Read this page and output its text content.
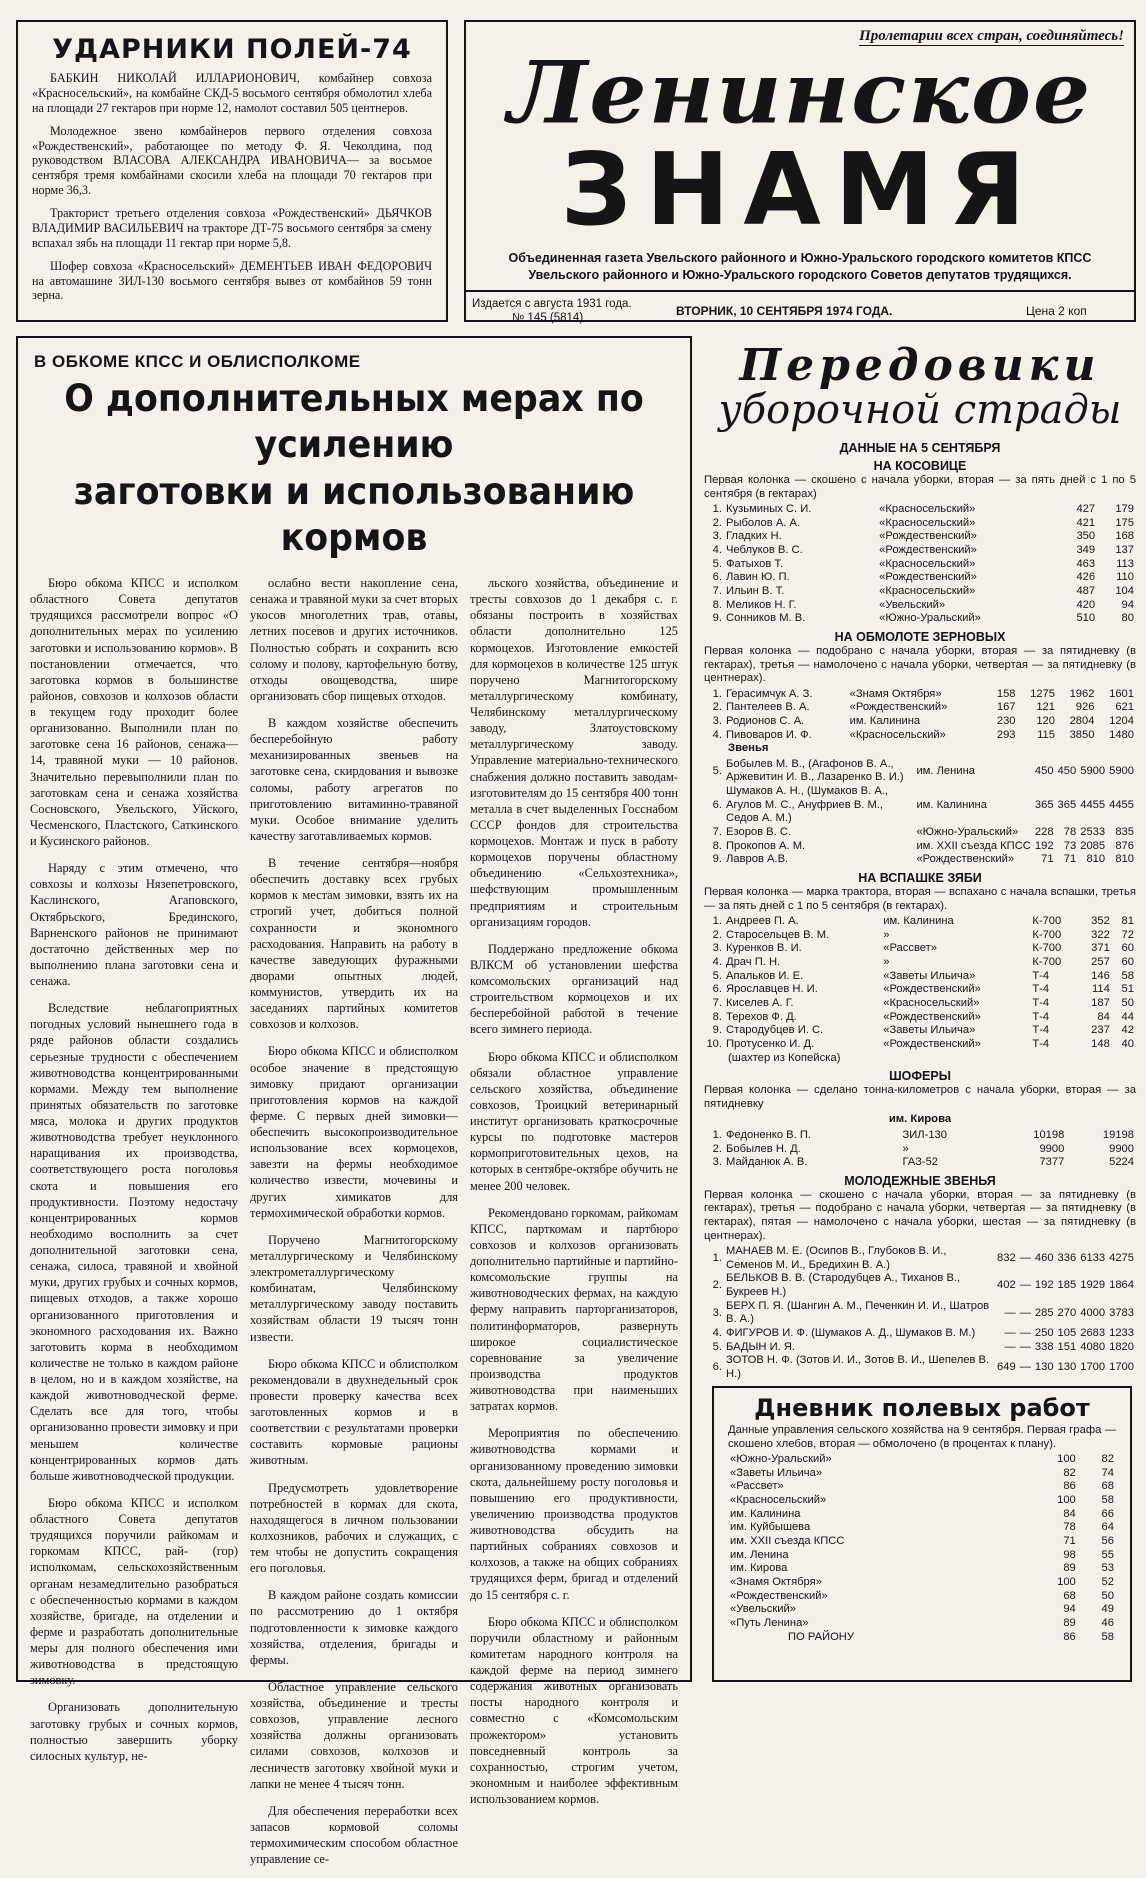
УДАРНИКИ ПОЛЕЙ-74

БАБКИН НИКОЛАЙ ИЛЛАРИОНОВИЧ, комбайнер совхоза «Красносельский», на комбайне СКД-5 восьмого сентября обмолотил хлеба на площади 27 гектаров при норме 12, намолот составил 505 центнеров.

Молодежное звено комбайнеров первого отделения совхоза «Рождественский», работающее по методу Ф. Я. Чеколдина, под руководством ВЛАСОВА АЛЕКСАНДРА ИВАНОВИЧА— за восьмое сентября тремя комбайнами скосили хлеба на площади 70 гектаров при норме 36,3.

Тракторист третьего отделения совхоза «Рождественский» ДЬЯЧКОВ ВЛАДИМИР ВАСИЛЬЕВИЧ на тракторе ДТ-75 восьмого сентября за смену вспахал зябь на площади 11 гектар при норме 5,8.

Шофер совхоза «Красносельский» ДЕМЕНТЬЕВ ИВАН ФЕДОРОВИЧ на автомашине ЗИЛ-130 восьмого сентября вывез от комбайнов 59 тонн зерна.

Пролетарии всех стран, соединяйтесь!
Ленинское
ЗНАМЯ
Объединенная газета Увельского районного и Южно-Уральского городского комитетов КПСС
Увельского районного и Южно-Уральского городского Советов депутатов трудящихся.
Издается с августа 1931 года.
№ 145 (5814)	ВТОРНИК, 10 СЕНТЯБРЯ 1974 ГОДА.	Цена 2 коп
В ОБКОМЕ КПСС И ОБЛИСПОЛКОМЕ
О дополнительных мерах по усилению
заготовки и использованию кормов

Бюро обкома КПСС и исполком областного Совета депутатов трудящихся рассмотрели вопрос «О дополнительных мерах по усилению заготовки и использованию кормов». В постановлении отмечается, что заготовка кормов в большинстве районов, совхозов и колхозов области в текущем году проходит более организованно. Выполнили план по заготовке сена 16 районов, сенажа—14, травяной муки — 10 районов. Значительно перевыполнили план по заготовкам сена и сенажа хозяйства Сосновского, Увельского, Уйского, Чесменского, Пластского, Саткинского и Кусинского районов.

Наряду с этим отмечено, что совхозы и колхозы Нязепетровского, Каслинского, Агаповского, Октябрьского, Брединского, Варненского районов не принимают достаточно действенных мер по выполнению плана заготовки сена и сенажа.

Вследствие неблагоприятных погодных условий нынешнего года в ряде районов области создались серьезные трудности с обеспечением животноводства концентрированными кормами. Между тем выполнение принятых обязательств по заготовке мяса, молока и других продуктов животноводства требует неуклонного наращивания их производства, соответствующего роста поголовья скота и повышения его продуктивности. Поэтому недостачу концентрированных кормов необходимо восполнить за счет дополнительной заготовки сена, сенажа, силоса, травяной и хвойной муки, других грубых и сочных кормов, пищевых отходов, а также хорошо организованного приготовления и экономного расходования их. Важно заготовить корма в необходимом количестве не только в каждом районе в целом, но и в каждом хозяйстве, на каждой животноводческой ферме. Сделать все для того, чтобы организованно провести зимовку и при меньшем количестве концентрированных кормов дать больше животноводческой продукции.

Бюро обкома КПСС и исполком областного Совета депутатов трудящихся поручили райкомам и горкомам КПСС, рай- (гор) исполкомам, сельскохозяйственным органам незамедлительно разобраться с обеспеченностью кормами в каждом хозяйстве, бригаде, на отделении и ферме и разработать дополнительные меры для полного обеспечения ими животноводства в предстоящую зимовку.

Организовать дополнительную заготовку грубых и сочных кормов, полностью завершить уборку силосных культур, не-

ослабно вести накопление сена, сенажа и травяной муки за счет вторых укосов многолетних трав, отавы, летних посевов и других источников. Полностью собрать и сохранить всю солому и полову, картофельную ботву, отходы овощеводства, шире организовать сбор пищевых отходов.

В каждом хозяйстве обеспечить бесперебойную работу механизированных звеньев на заготовке сена, скирдования и вывозке соломы, работу агрегатов по приготовлению витаминно-травяной муки. Особое внимание уделить качеству заготавливаемых кормов.

В течение сентября—ноября обеспечить доставку всех грубых кормов к местам зимовки, взять их на строгий учет, добиться полной сохранности и экономного расходования. Направить на работу в качестве заведующих фуражными дворами опытных людей, коммунистов, утвердить их на заседаниях партийных комитетов совхозов и колхозов.

Бюро обкома КПСС и облисполком особое значение в предстоящую зимовку придают организации приготовления кормов на каждой ферме. С первых дней зимовки—обеспечить высокопроизводительное использование всех кормоцехов, завезти на фермы необходимое количество извести, мочевины и других химикатов для термохимической обработки кормов.

Поручено Магнитогорскому металлургическому и Челябинскому электрометаллургическому комбинатам, Челябинскому металлургическому заводу поставить хозяйствам области 19 тысяч тонн извести.

Бюро обкома КПСС и облисполком рекомендовали в двухнедельный срок провести проверку качества всех заготовленных кормов и в соответствии с результатами проверки составить кормовые рационы животным.

Предусмотреть удовлетворение потребностей в кормах для скота, находящегося в личном пользовании колхозников, рабочих и служащих, с тем чтобы не допустить сокращения его поголовья.

В каждом районе создать комиссии по рассмотрению до 1 октября подготовленности к зимовке каждого хозяйства, отделения, бригады и фермы.

Областное управление сельского хозяйства, объединение и тресты совхозов, управление лесного хозяйства должны организовать силами совхозов, колхозов и лесничеств заготовку хвойной муки и лапки не менее 4 тысяч тонн.

Для обеспечения переработки всех запасов кормовой соломы термохимическим способом областное управление се-

льского хозяйства, объединение и тресты совхозов до 1 декабря с. г. обязаны построить в хозяйствах области дополнительно 125 кормоцехов. Изготовление емкостей для кормоцехов в количестве 125 штук поручено Магнитогорскому металлургическому комбинату, Челябинскому металлургическому заводу, Златоустовскому металлургическому заводу. Управление материально-технического снабжения должно поставить заводам-изготовителям до 15 сентября 400 тонн металла в счет выделенных Госснабом СССР фондов для строительства кормоцехов. Монтаж и пуск в работу кормоцехов поручены областному объединению «Сельхозтехника», шефствующим промышленным предприятиям и строительным организациям городов.

Поддержано предложение обкома ВЛКСМ об установлении шефства комсомольских организаций над строительством кормоцехов и их бесперебойной работой в течение всего зимнего периода.

Бюро обкома КПСС и облисполком обязали областное управление сельского хозяйства, объединение совхозов, Троицкий ветеринарный институт организовать краткосрочные курсы по подготовке мастеров кормоприготовительных цехов, на которых в сентябре-октябре обучить не менее 200 человек.

Рекомендовано горкомам, райкомам КПСС, парткомам и партбюро совхозов и колхозов организовать дополнительно партийные и партийно-комсомольские группы на животноводческих фермах, на каждую ферму направить парторганизаторов, политинформаторов, развернуть широкое социалистическое соревнование за увеличение производства продуктов животноводства при наименьших затратах кормов.

Мероприятия по обеспечению животноводства кормами и организованному проведению зимовки скота, дальнейшему росту поголовья и повышению его продуктивности, увеличению производства продуктов животноводства обсудить на партийных собраниях совхозов и колхозов, а также на общих собраниях трудящихся ферм, бригад и отделений до 15 сентября с. г.

Бюро обкома КПСС и облисполком поручили областному и районным комитетам народного контроля на каждой ферме на период зимнего содержания животных организовать посты народного контроля и совместно с «Комсомольским прожектором» установить повседневный контроль за сохранностью, строгим учетом, экономным и наиболее эффективным использованием кормов.

Передовики
уборочной страды
ДАННЫЕ НА 5 СЕНТЯБРЯ
НА КОСОВИЦЕ
Первая колонка — скошено с начала уборки, вторая — за пять дней с 1 по 5 сентября (в гектарах)
1.	Кузьминых С. И.	«Красносельский»	427	179
2.	Рыболов А. А.	«Красносельский»	421	175
3.	Гладких Н.	«Рождественский»	350	168
4.	Чеблуков В. С.	«Рождественский»	349	137
5.	Фатыхов Т.	«Красносельский»	463	113
6.	Лавин Ю. П.	«Рождественский»	426	110
7.	Ильин В. Т.	«Красносельский»	487	104
8.	Меликов Н. Г.	«Увельский»	420	94
9.	Сонников М. В.	«Южно-Уральский»	510	80
НА ОБМОЛОТЕ ЗЕРНОВЫХ
Первая колонка — подобрано с начала уборки, вторая — за пятидневку (в гектарах), третья — намолочено с начала уборки, четвертая — за пятидневку (в центнерах).
1.	Герасимчук А. З.	«Знамя Октября»	158	1275	1962	1601
2.	Пантелеев В. А.	«Рождественский»	167	121	926	621
3.	Родионов С. А.	им. Калинина	230	120	2804	1204
4.	Пивоваров И. Ф.	«Красносельский»	293	115	3850	1480
Звенья
5.	Бобылев М. В., (Агафонов В. А., Аржевитин И. В., Лазаренко В. И.)	им. Ленина	450	450	5900	5900
6.	Шумаков А. Н., (Шумаков В. А., Агулов М. С., Ануфриев В. М., Седов А. М.)	им. Калинина	365	365	4455	4455
7.	Езоров В. С.	«Южно-Уральский»	228	78	2533	835
8.	Прокопов А. М.	им. XXII съезда КПСС	192	73	2085	876
9.	Лавров А.В.	«Рождественский»	71	71	810	810
НА ВСПАШКЕ ЗЯБИ
Первая колонка — марка трактора, вторая — вспахано с начала вспашки, третья — за пять дней с 1 по 5 сентября (в гектарах).
1.	Андреев П. А.	им. Калинина	К-700	352	81
2.	Старосельцев В. М.	»	К-700	322	72
3.	Куренков В. И.	«Рассвет»	К-700	371	60
4.	Драч П. Н.	»	К-700	257	60
5.	Апальков И. Е.	«Заветы Ильича»	Т-4	146	58
6.	Ярославцев Н. И.	«Рождественский»	Т-4	114	51
7.	Киселев А. Г.	«Красносельский»	Т-4	187	50
8.	Терехов Ф. Д.	«Рождественский»	Т-4	84	44
9.	Стародубцев И. С.	«Заветы Ильича»	Т-4	237	42
10.	Протусенко И. Д.	«Рождественский»	Т-4	148	40
(шахтер из Копейска)
ШОФЕРЫ
Первая колонка — сделано тонна-километров с начала уборки, вторая — за пятидневку
им. Кирова
1.	Федоненко В. П.	ЗИЛ-130	10198	19198
2.	Бобылев Н. Д.	»	9900	9900
3.	Майданюк А. В.	ГАЗ-52	7377	5224
МОЛОДЕЖНЫЕ ЗВЕНЬЯ
Первая колонка — скошено с начала уборки, вторая — за пятидневку (в гектарах), третья — подобрано с начала уборки, четвертая — за пятидневку (в гектарах), пятая — намолочено с начала уборки, шестая — за пятидневку (в центнерах).
1.	МАНАЕВ М. Е. (Осипов В., Глубоков В. И., Семенов М. И., Бредихин В. А.)	832	—	460	336	6133	4275
2.	БЕЛЬКОВ В. В. (Стародубцев А., Тиханов В., Букреев Н.)	402	—	192	185	1929	1864
3.	БЕРХ П. Я. (Шангин А. М., Печенкин И. И., Шатров В. А.)	—	—	285	270	4000	3783
4.	ФИГУРОВ И. Ф. (Шумаков А. Д., Шумаков В. М.)	—	—	250	105	2683	1233
5.	БАДЫН И. Я.	—	—	338	151	4080	1820
6.	ЗОТОВ Н. Ф. (Зотов И. И., Зотов В. И., Шепелев В. Н.)	649	—	130	130	1700	1700
Дневник полевых работ
Данные управления сельского хозяйства на 9 сентября. Первая графа — скошено хлебов, вторая — обмолочено (в процентах к плану).
«Южно-Уральский»	100	82
«Заветы Ильича»	82	74
«Рассвет»	86	68
«Красносельский»	100	58
им. Калинина	84	66
им. Куйбышева	78	64
им. XXII съезда КПСС	71	56
им. Ленина	98	55
им. Кирова	89	53
«Знамя Октября»	100	52
«Рождественский»	68	50
«Увельский»	94	49
«Путь Ленина»	89	46
ПО РАЙОНУ	86	58
